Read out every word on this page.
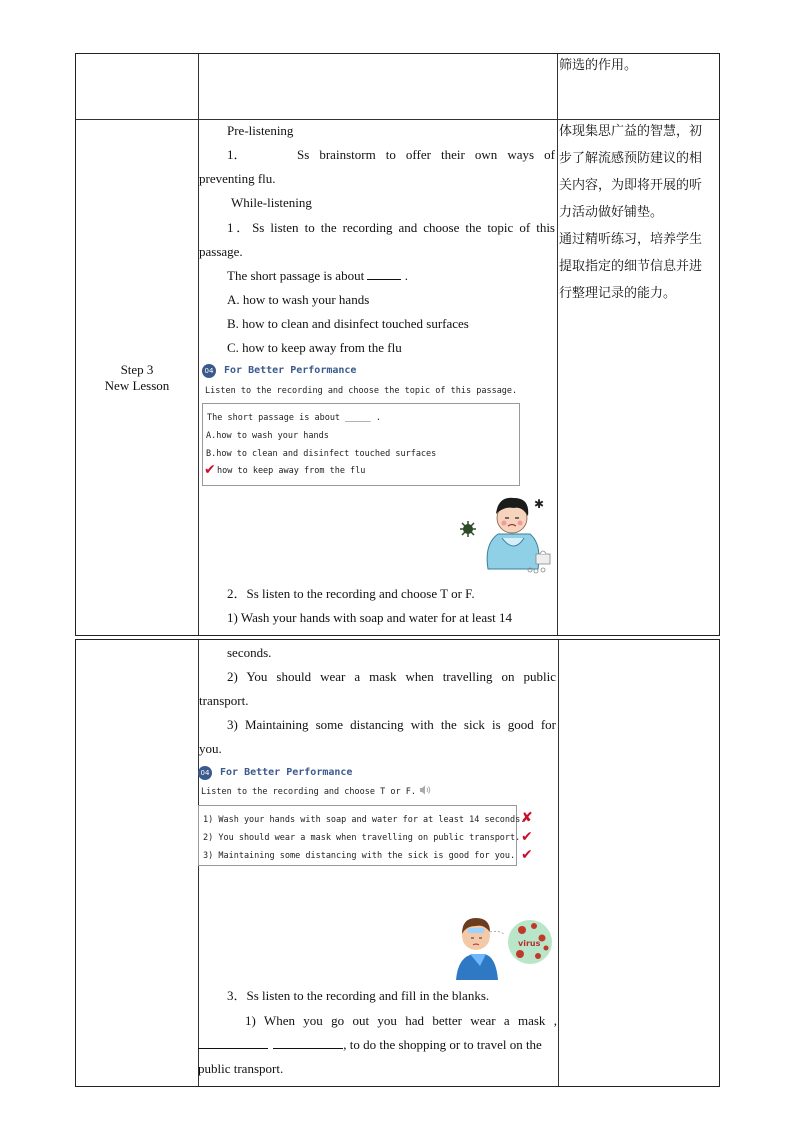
筛选的作用。
Step 3
New Lesson
体现集思广益的智慧，初
步了解流感预防建议的相
关内容，为即将开展的听
力活动做好铺垫。
通过精听练习，培养学生
提取指定的细节信息并进
行整理记录的能力。
Pre-listening
1．	Ss brainstorm to offer their own ways of
preventing flu.
While-listening
1．Ss listen to the recording and choose the topic of this
passage.
The short passage is about	.
A. how to wash your hands
B. how to clean and disinfect touched surfaces
C. how to keep away from the flu
04 For Better Performance
Listen to the recording and choose the topic of this passage.
The short passage is about _____ .
A.how to wash your hands
B.how to clean and disinfect touched surfaces
✔ how to keep away from the flu
✱
2．Ss listen to the recording and choose T or F.
1) Wash your hands with soap and water for at least 14
seconds.
2) You should wear a mask when travelling on public
transport.
3) Maintaining some distancing with the sick is good for
you.
04 For Better Performance
Listen to the recording and choose T or F.
1) Wash your hands with soap and water for at least 14 seconds.
2) You should wear a mask when travelling on public transport.
3) Maintaining some distancing with the sick is good for you.
✘
✔
✔
virus
3．Ss listen to the recording and fill in the blanks.
1) When you go out you had better wear a mask ,
, to do the shopping or to travel on the
public transport.
